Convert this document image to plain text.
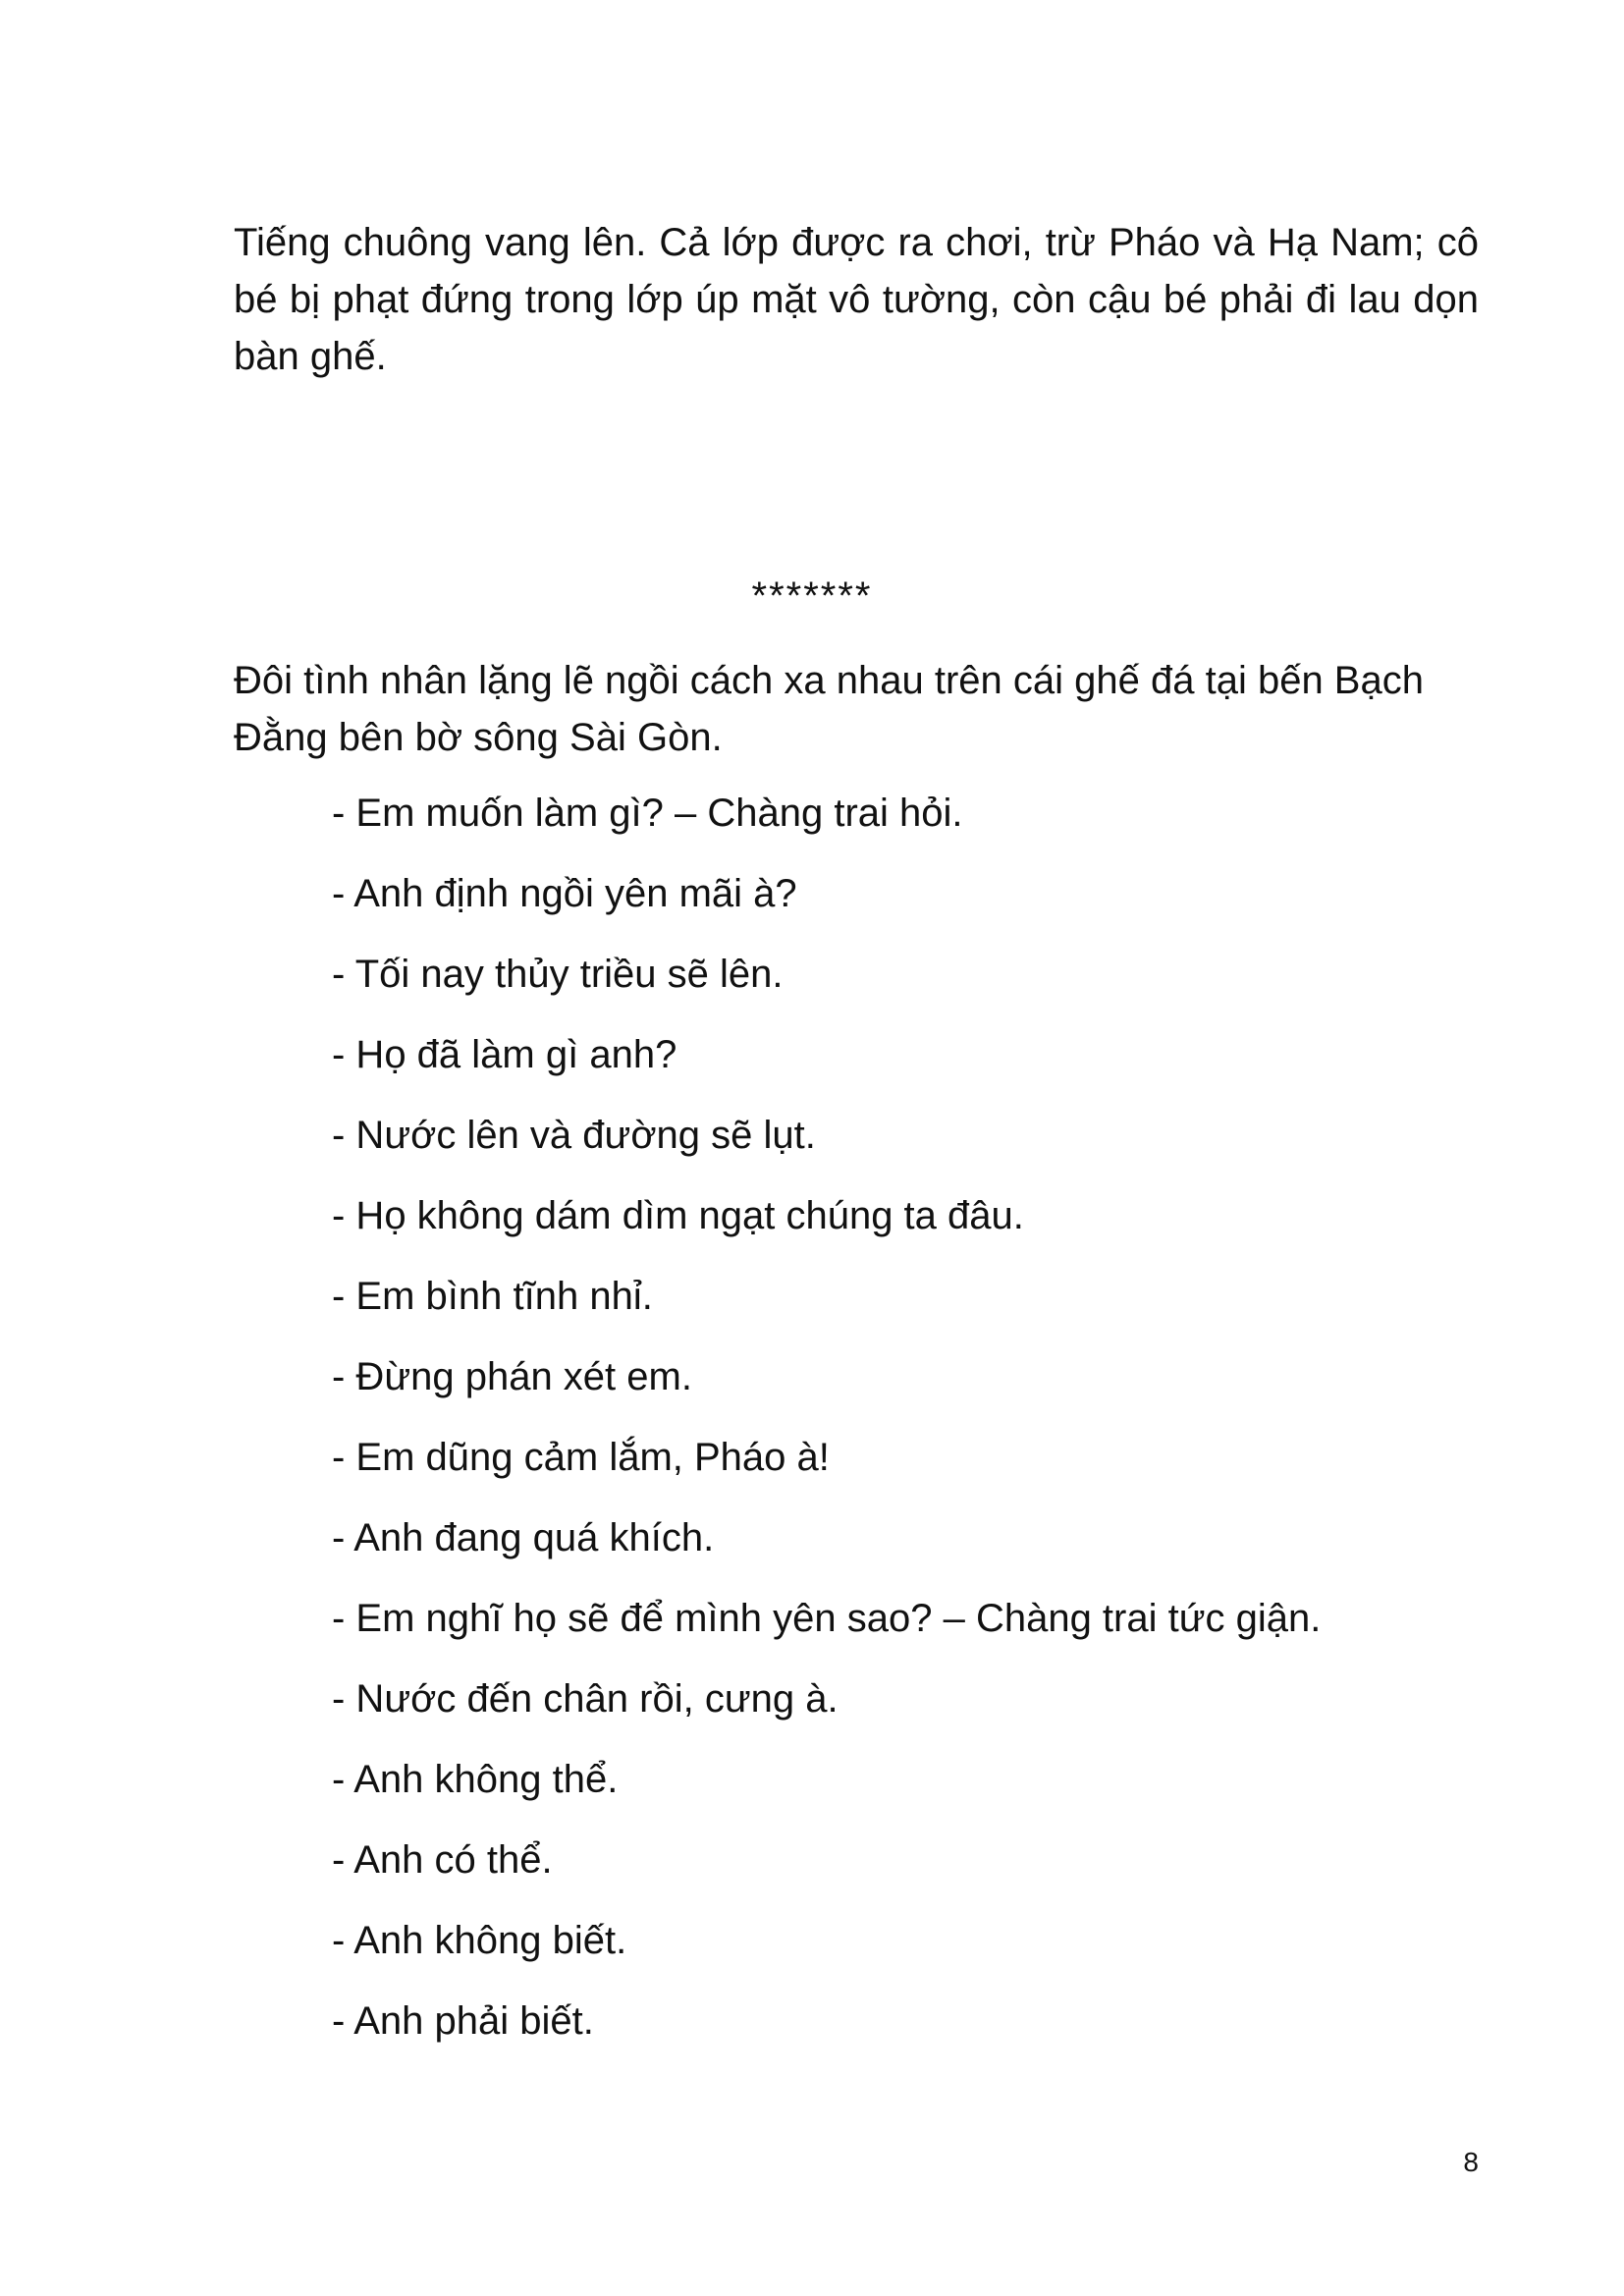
Tiếng chuông vang lên. Cả lớp được ra chơi, trừ Pháo và Hạ Nam; cô bé bị phạt đứng trong lớp úp mặt vô tường, còn cậu bé phải đi lau dọn bàn ghế.

*******

Đôi tình nhân lặng lẽ ngồi cách xa nhau trên cái ghế đá tại bến Bạch Đằng bên bờ sông Sài Gòn.

- Em muốn làm gì? – Chàng trai hỏi.
- Anh định ngồi yên mãi à?
- Tối nay thủy triều sẽ lên.
- Họ đã làm gì anh?
- Nước lên và đường sẽ lụt.
- Họ không dám dìm ngạt chúng ta đâu.
- Em bình tĩnh nhỉ.
- Đừng phán xét em.
- Em dũng cảm lắm, Pháo à!
- Anh đang quá khích.
- Em nghĩ họ sẽ để mình yên sao? – Chàng trai tức giận.
- Nước đến chân rồi, cưng à.
- Anh không thể.
- Anh có thể.
- Anh không biết.
- Anh phải biết.
8
